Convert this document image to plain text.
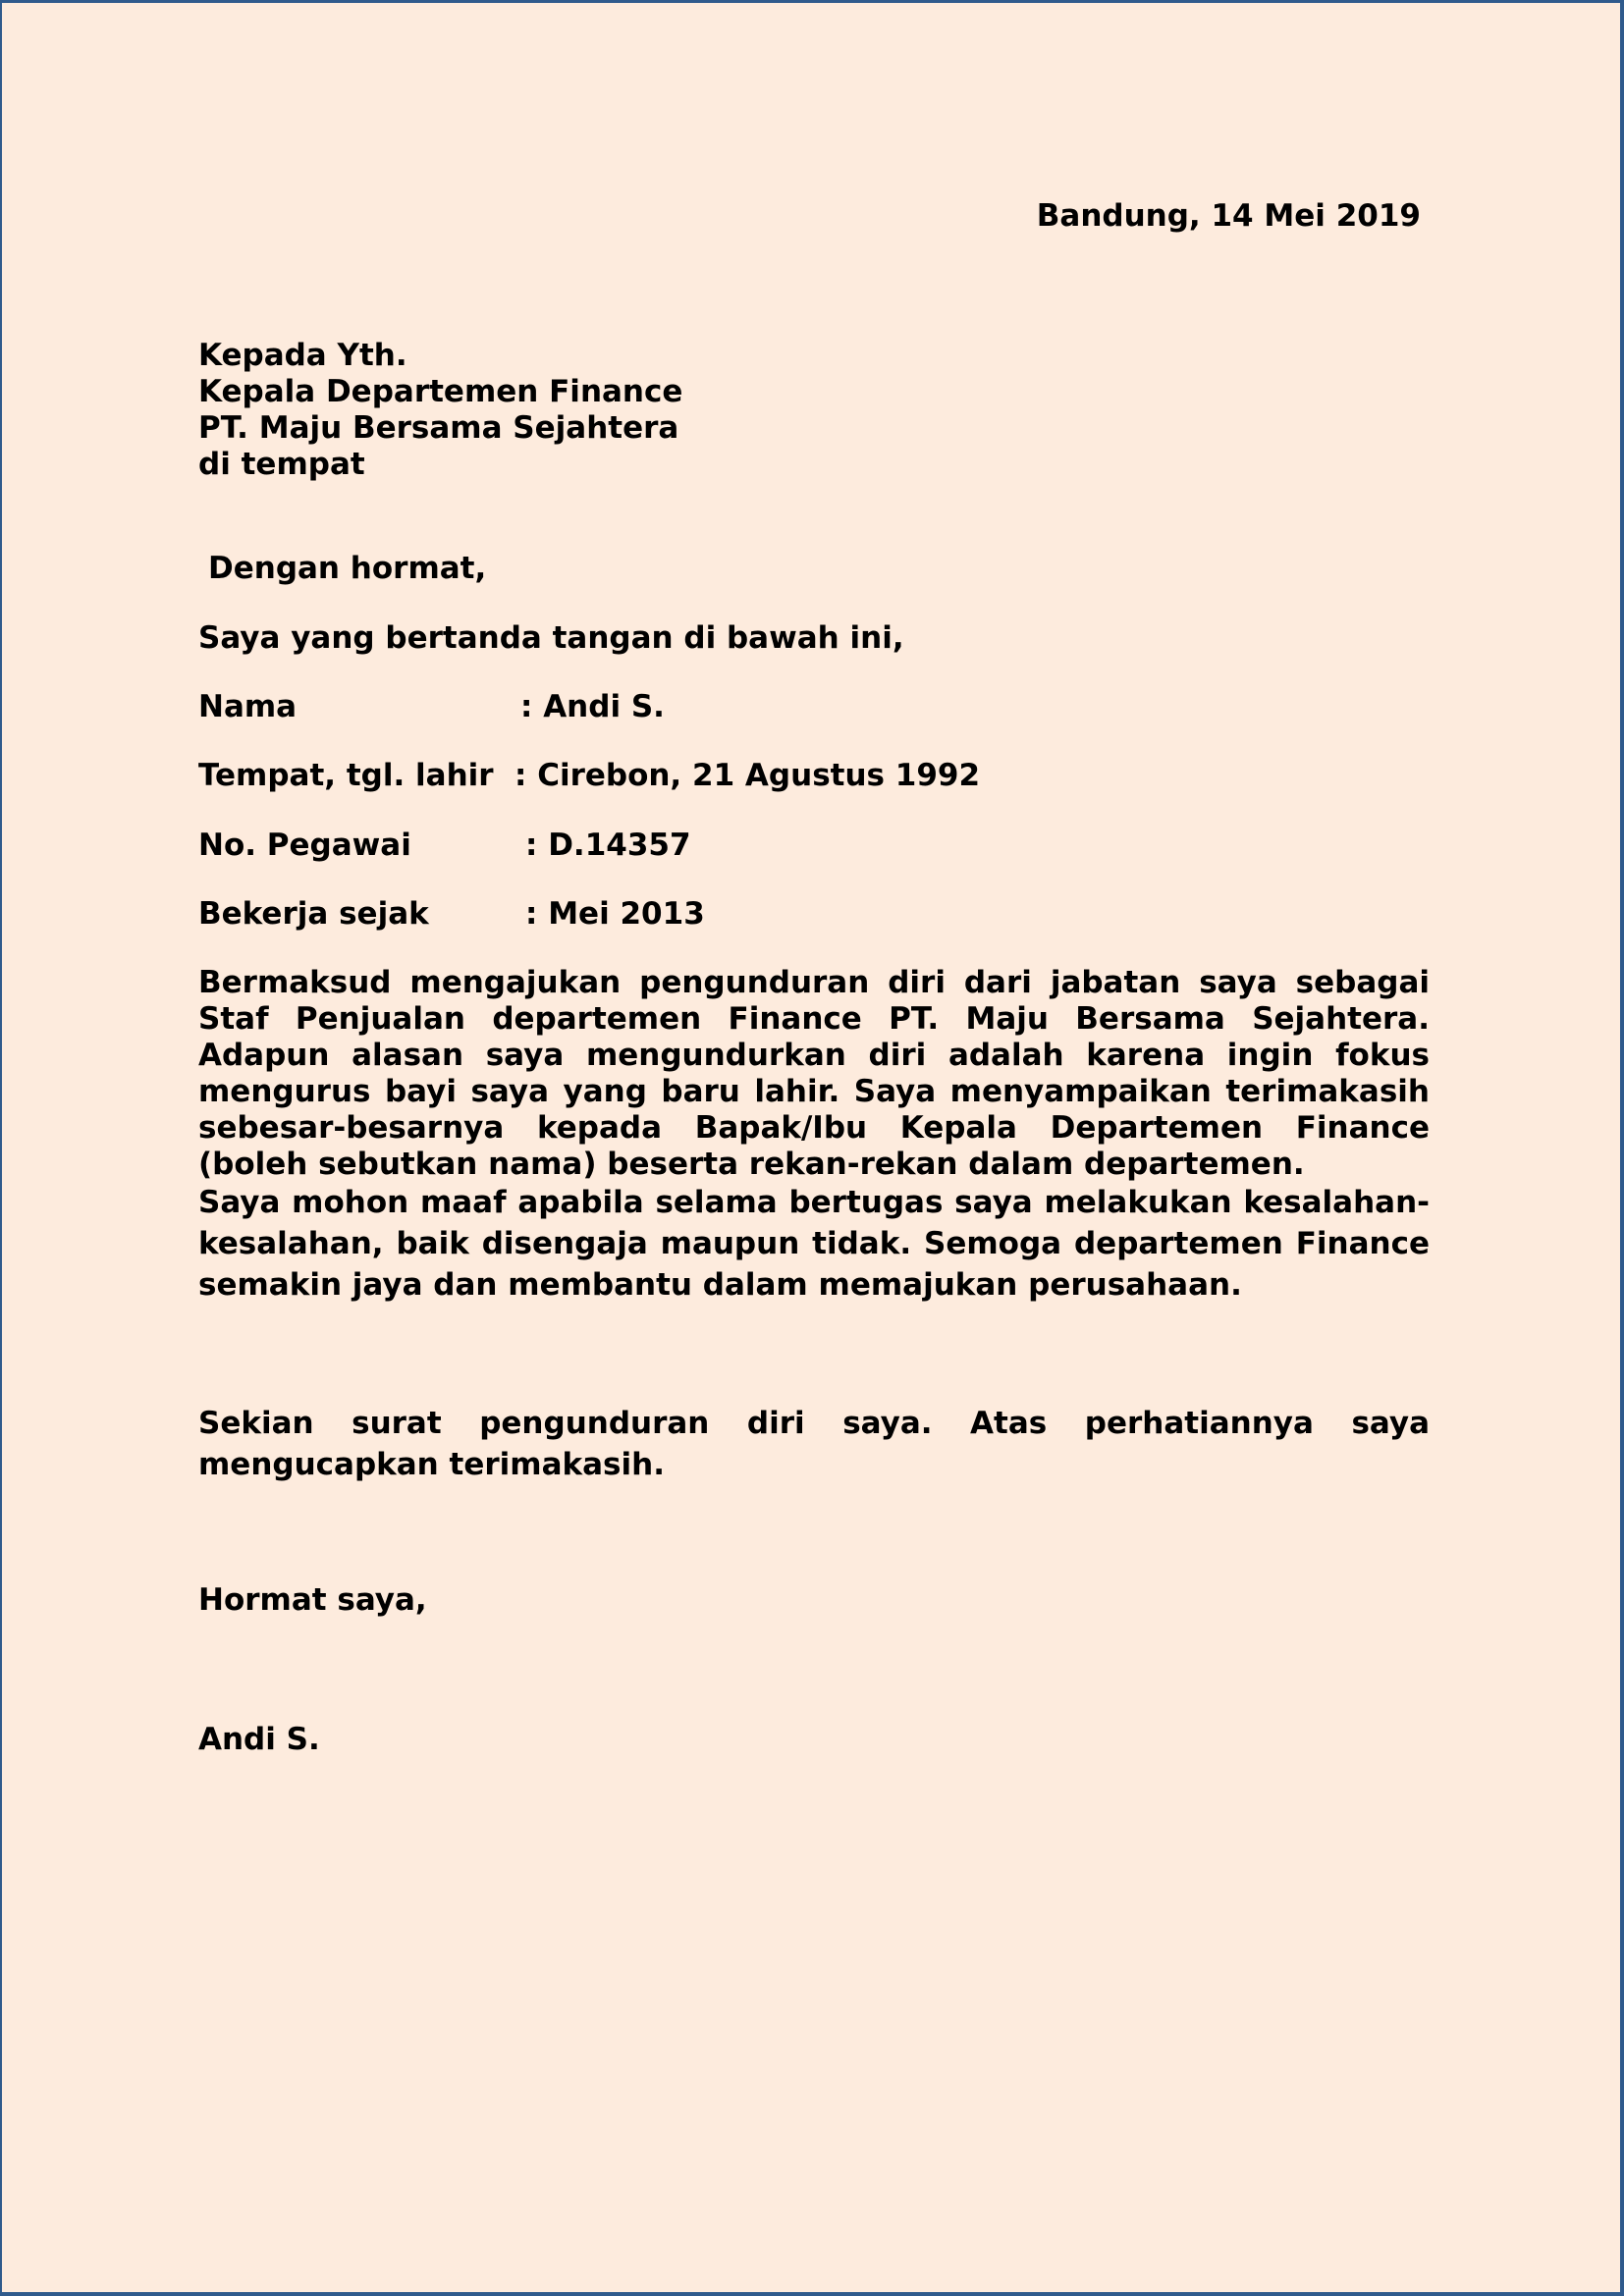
Bandung, 14 Mei 2019
Kepada Yth.
Kepala Departemen Finance
PT. Maju Bersama Sejahtera
di tempat
Dengan hormat,
Saya yang bertanda tangan di bawah ini,
Nama	: Andi S.
Tempat, tgl. lahir : Cirebon, 21 Agustus 1992
No. Pegawai	: D.14357
Bekerja sejak	: Mei 2013
Bermaksud mengajukan pengunduran diri dari jabatan saya sebagai Staf Penjualan departemen Finance PT. Maju Bersama Sejahtera. Adapun alasan saya mengundurkan diri adalah karena ingin fokus mengurus bayi saya yang baru lahir. Saya menyampaikan terimakasih sebesar-besarnya kepada Bapak/Ibu Kepala Departemen Finance (boleh sebutkan nama) beserta rekan-rekan dalam departemen.
Saya mohon maaf apabila selama bertugas saya melakukan kesalahan-kesalahan, baik disengaja maupun tidak. Semoga departemen Finance semakin jaya dan membantu dalam memajukan perusahaan.
Sekian surat pengunduran diri saya. Atas perhatiannya saya mengucapkan terimakasih.
Hormat saya,
Andi S.
